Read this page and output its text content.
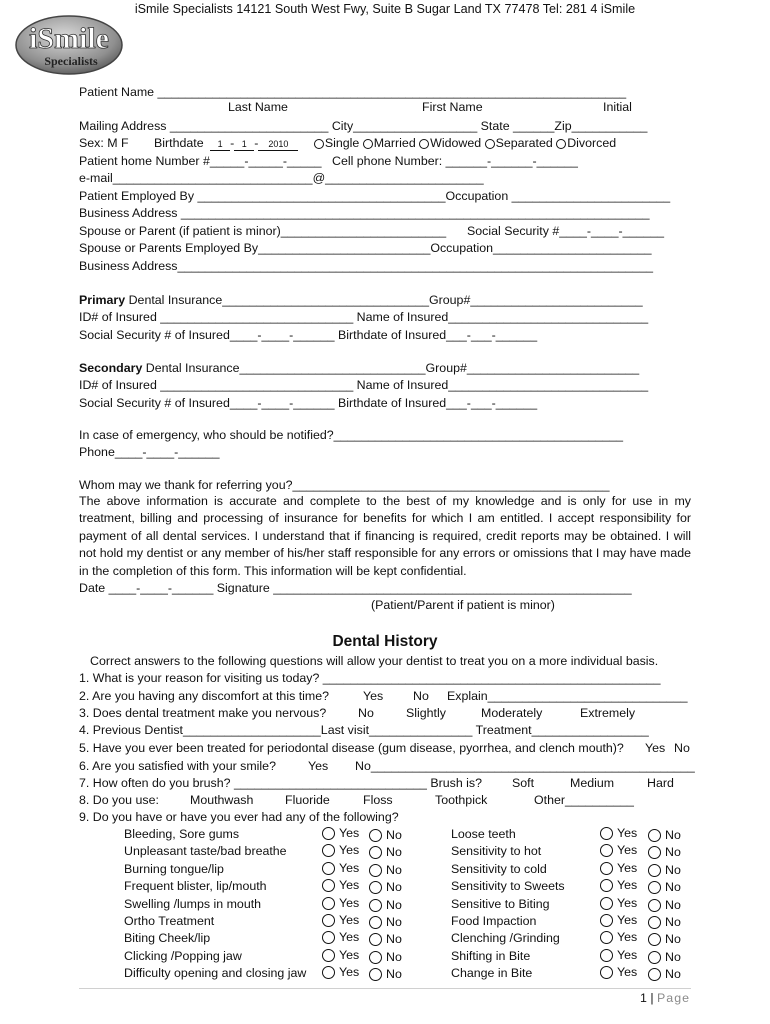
iSmile Specialists 14121 South West Fwy, Suite B Sugar Land TX 77478 Tel: 281 4 iSmile
iSmile
Specialists
Patient Name ____________________________________________________________________
Last Name	First Name	Initial
Mailing Address _______________________ City__________________ State ______Zip___________
Sex: M F Birthdate 1 - 1 - 2010	Single Married Widowed Separated Divorced
Patient home Number #_____-_____-_____ Cell phone Number: ______-______-______
e-mail_____________________________@_______________________
Patient Employed By ____________________________________Occupation _______________________
Business Address ____________________________________________________________________
Spouse or Parent (if patient is minor)________________________ Social Security #____-____-______
Spouse or Parents Employed By_________________________Occupation_______________________
Business Address_____________________________________________________________________
Primary Dental Insurance______________________________Group#_________________________
ID# of Insured ____________________________ Name of Insured_____________________________
Social Security # of Insured____-____-______ Birthdate of Insured___-___-______
Secondary Dental Insurance___________________________Group#_________________________
ID# of Insured ____________________________ Name of Insured_____________________________
Social Security # of Insured____-____-______ Birthdate of Insured___-___-______
In case of emergency, who should be notified?__________________________________________
Phone____-____-______
Whom may we thank for referring you?______________________________________________
The above information is accurate and complete to the best of my knowledge and is only for use in my treatment, billing and processing of insurance for benefits for which I am entitled. I accept responsibility for payment of all dental services. I understand that if financing is required, credit reports may be obtained. I will not hold my dentist or any member of his/her staff responsible for any errors or omissions that I may have made in the completion of this form. This information will be kept confidential.
Date ____-____-______ Signature ____________________________________________________
(Patient/Parent if patient is minor)
Dental History
Correct answers to the following questions will allow your dentist to treat you on a more individual basis.
1. What is your reason for visiting us today? _________________________________________________
2. Are you having any discomfort at this time?	Yes No Explain_____________________________
3. Does dental treatment make you nervous?	No	Slightly	Moderately	Extremely
4. Previous Dentist____________________Last visit_______________ Treatment_________________
5. Have you ever been treated for periodontal disease (gum disease, pyorrhea, and clench mouth)? Yes No
6. Are you satisfied with your smile?	Yes No_______________________________________________
7. How often do you brush? ____________________________ Brush is? Soft	Medium	Hard
8. Do you use:	Mouthwash	Fluoride	Floss	Toothpick	Other__________
9. Do you have or have you ever had any of the following?
Bleeding, Sore gums	Yes	No
Unpleasant taste/bad breathe	Yes	No
Burning tongue/lip	Yes	No
Frequent blister, lip/mouth	Yes	No
Swelling /lumps in mouth	Yes	No
Ortho Treatment	Yes	No
Biting Cheek/lip	Yes	No
Clicking /Popping jaw	Yes	No
Difficulty opening and closing jaw	Yes	No
Loose teeth	Yes	No
Sensitivity to hot	Yes	No
Sensitivity to cold	Yes	No
Sensitivity to Sweets	Yes	No
Sensitive to Biting	Yes	No
Food Impaction	Yes	No
Clenching /Grinding	Yes	No
Shifting in Bite	Yes	No
Change in Bite	Yes	No
1 | Page
